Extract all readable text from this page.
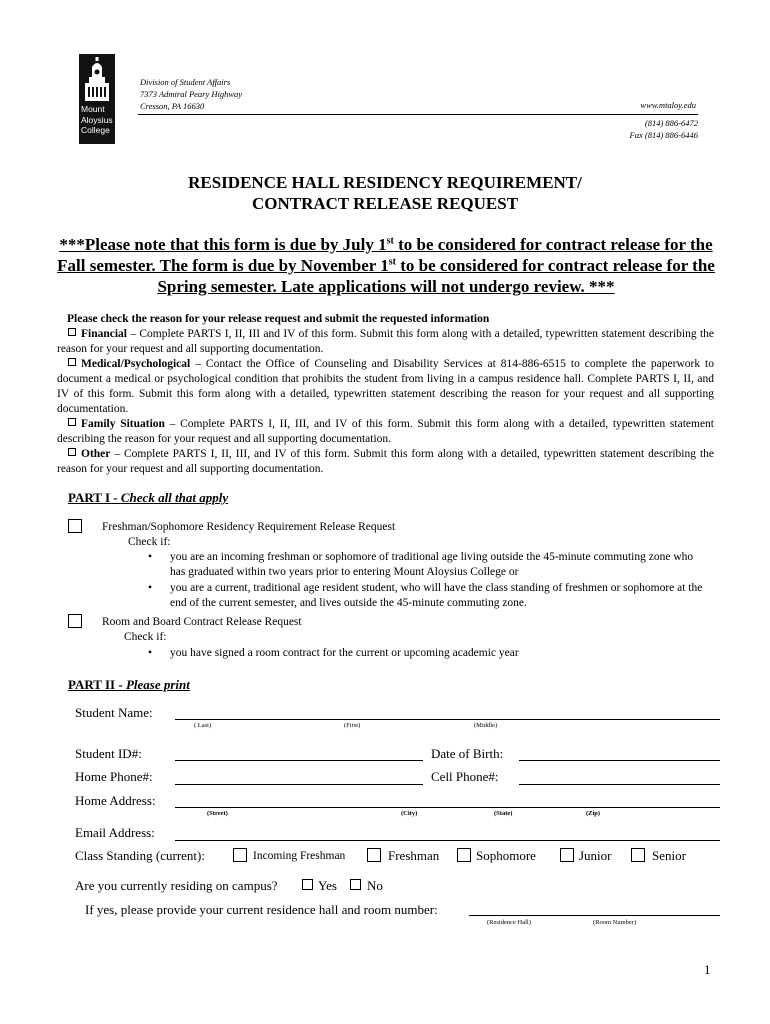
Mount
Aloysius
College
Division of Student Affairs
7373 Admiral Peary Highway
Cresson, PA 16630	www.mtaloy.edu
(814) 886-6472
Fax (814) 886-6446
RESIDENCE HALL RESIDENCY REQUIREMENT/
CONTRACT RELEASE REQUEST
***Please note that this form is due by July 1st to be considered for contract release for the Fall semester. The form is due by November 1st to be considered for contract release for the Spring semester. Late applications will not undergo review. ***

Please check the reason for your release request and submit the requested information

Financial – Complete PARTS I, II, III and IV of this form. Submit this form along with a detailed, typewritten statement describing the reason for your request and all supporting documentation.

Medical/Psychological – Contact the Office of Counseling and Disability Services at 814-886-6515 to complete the paperwork to document a medical or psychological condition that prohibits the student from living in a campus residence hall. Complete PARTS I, II, and IV of this form. Submit this form along with a detailed, typewritten statement describing the reason for your request and all supporting documentation.

Family Situation – Complete PARTS I, II, III, and IV of this form. Submit this form along with a detailed, typewritten statement describing the reason for your request and all supporting documentation.

Other – Complete PARTS I, II, III, and IV of this form. Submit this form along with a detailed, typewritten statement describing the reason for your request and all supporting documentation.

PART I - Check all that apply
Freshman/Sophomore Residency Requirement Release Request
Check if:
• you are an incoming freshman or sophomore of traditional age living outside the 45-minute commuting zone who has graduated within two years prior to entering Mount Aloysius College or
• you are a current, traditional age resident student, who will have the class standing of freshmen or sophomore at the end of the current semester, and lives outside the 45-minute commuting zone.
Room and Board Contract Release Request
Check if:
• you have signed a room contract for the current or upcoming academic year
PART II - Please print
Student Name:
( Last)	(First)	(Middle)
Student ID#:	Date of Birth:
Home Phone#:	Cell Phone#:
Home Address:
(Street)	(City)	(State)	(Zip)
Email Address:
Class Standing (current):	Incoming Freshman	Freshman	Sophomore	Junior	Senior
Are you currently residing on campus?	Yes No
If yes, please provide your current residence hall and room number:
(Residence Hall)	(Room Number)
1
